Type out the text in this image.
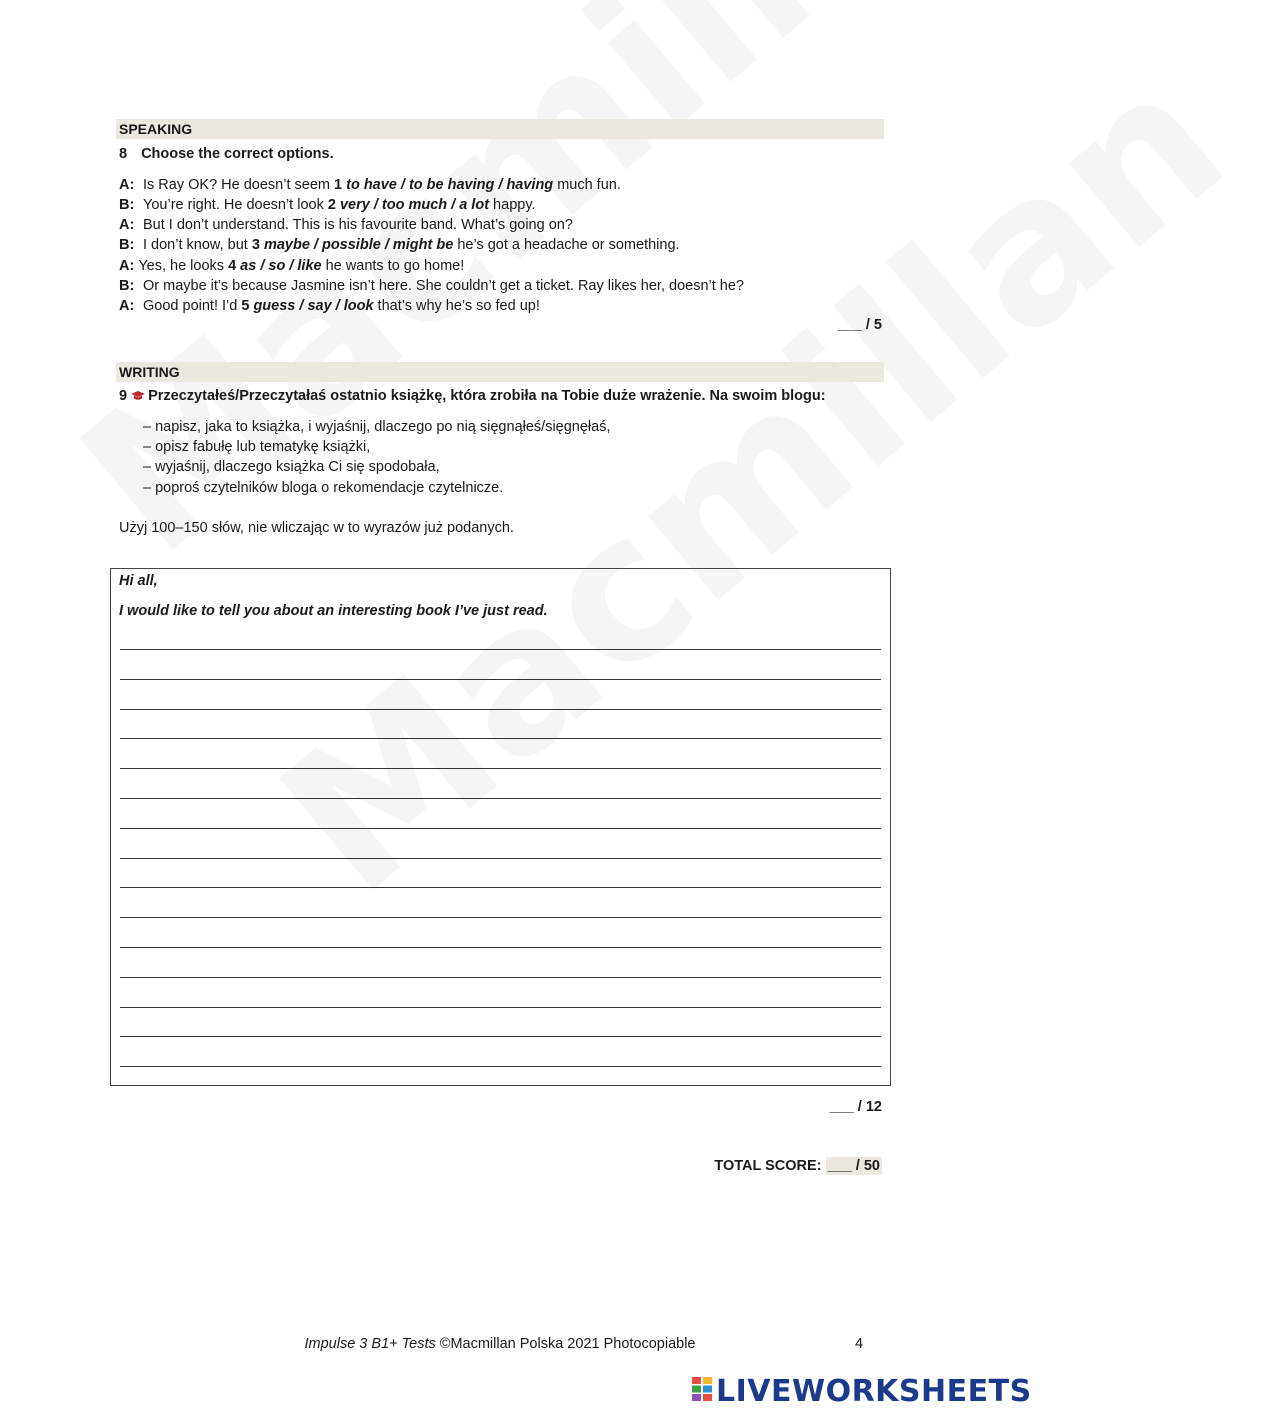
SPEAKING
8 Choose the correct options.
A: Is Ray OK? He doesn’t seem 1 to have / to be having / having much fun.
B: You’re right. He doesn’t look 2 very / too much / a lot happy.
A: But I don’t understand. This is his favourite band. What’s going on?
B: I don’t know, but 3 maybe / possible / might be he’s got a headache or something.
A: Yes, he looks 4 as / so / like he wants to go home!
B: Or maybe it’s because Jasmine isn’t here. She couldn’t get a ticket. Ray likes her, doesn’t he?
A: Good point! I’d 5 guess / say / look that’s why he’s so fed up!
___ / 5
WRITING
9 Przeczytałeś/Przeczytałaś ostatnio książkę, która zrobiła na Tobie duże wrażenie. Na swoim blogu:
– napisz, jaka to książka, i wyjaśnij, dlaczego po nią sięgnąłeś/sięgnęłaś,
– opisz fabułę lub tematykę książki,
– wyjaśnij, dlaczego książka Ci się spodobała,
– poproś czytelników bloga o rekomendacje czytelnicze.
Użyj 100–150 słów, nie wliczając w to wyrazów już podanych.
Hi all,
I would like to tell you about an interesting book I’ve just read.
___ / 12
TOTAL SCORE: ___ / 50
Impulse 3 B1+ Tests ©Macmillan Polska 2021 Photocopiable	4
LIVEWORKSHEETS
